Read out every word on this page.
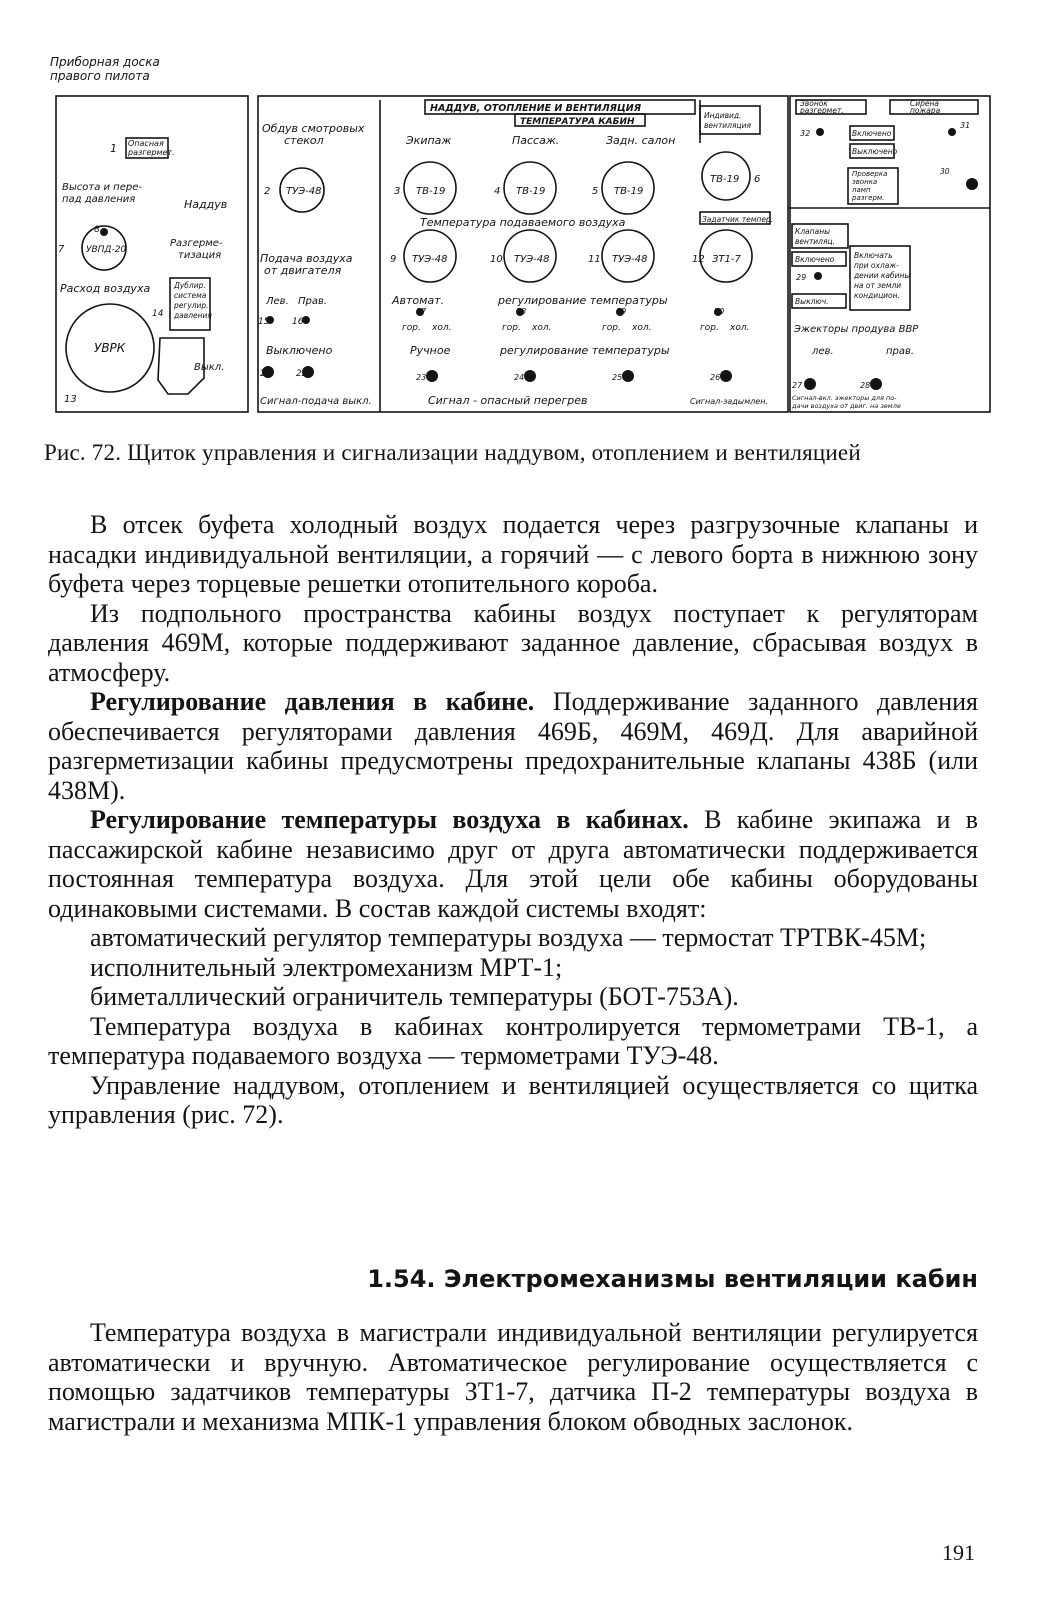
Приборная доска
правого пилота
1 Опасная
разгермет.
Высота и пере-
пад давления
7 УВПД-20
Наддув
8
Разгерме-
тизация
Дублир.
система
регулир.
давления
14
Расход воздуха
УВРК
Выкл.
13
НАДДУВ, ОТОПЛЕНИЕ И ВЕНТИЛЯЦИЯ
ТЕМПЕРАТУРА КАБИН
Обдув смотровых
стекол
2 ТУЭ-48
Подача воздуха
от двигателя
Лев. Прав.
15	16
Выключено
21	22
Сигнал-подача выкл.
Экипаж	Пассаж.	Задн. салон
3 ТВ-19	4 ТВ-19	5 ТВ-19
Температура подаваемого воздуха
9 ТУЭ-48	10 ТУЭ-48	11 ТУЭ-48
Автомат.	регулирование температуры
17	18	19	20
гор. хол.	гор. хол.	гор. хол.	гор. хол.
Ручное	регулирование температуры
23	24	25
Сигнал - опасный перегрев
Индивид.
вентиляция
6
ТВ-19
Задатчик темпер.
12 ЗТ1-7
26
Сигнал-задымлен.
Звонок
разгермет.
Сирена
пожара
32
31
Включено
Выключено
30
Проверка
звонка
ламп
разгерм.
Клапаны
вентиляц.
Включено
29
Выключ.
Включать
при охлаж-
дении кабины
на от земли
кондицион.
Эжекторы продува ВВР
лев.	прав.
27	28
Сигнал-вкл. эжекторы для по-
дачи воздуха от двиг. на земле
Рис. 72. Щиток управления и сигнализации наддувом, отоплением и вентиляцией

В отсек буфета холодный воздух подается через разгрузочные клапаны и насадки индивидуальной вентиляции, а горячий — с левого борта в нижнюю зону буфета через торцевые решетки отопительного короба.

Из подпольного пространства кабины воздух поступает к регуляторам давления 469М, которые поддерживают заданное давление, сбрасывая воздух в атмосферу.

Регулирование давления в кабине. Поддерживание заданного давления обеспечивается регуляторами давления 469Б, 469М, 469Д. Для аварийной разгерметизации кабины предусмотрены предохранительные клапаны 438Б (или 438М).

Регулирование температуры воздуха в кабинах. В кабине экипажа и в пассажирской кабине независимо друг от друга автоматически поддерживается постоянная температура воздуха. Для этой цели обе кабины оборудованы одинаковыми системами. В состав каждой системы входят:

автоматический регулятор температуры воздуха — термостат ТРТВК-45М;

исполнительный электромеханизм МРТ-1;

биметаллический ограничитель температуры (БОТ-753А).

Температура воздуха в кабинах контролируется термометрами ТВ-1, а температура подаваемого воздуха — термометрами ТУЭ-48.

Управление наддувом, отоплением и вентиляцией осуществляется со щитка управления (рис. 72).

1.54. Электромеханизмы вентиляции кабин

Температура воздуха в магистрали индивидуальной вентиляции регулируется автоматически и вручную. Автоматическое регулирование осуществляется с помощью задатчиков температуры ЗТ1-7, датчика П-2 температуры воздуха в магистрали и механизма МПК-1 управления блоком обводных заслонок.

191
